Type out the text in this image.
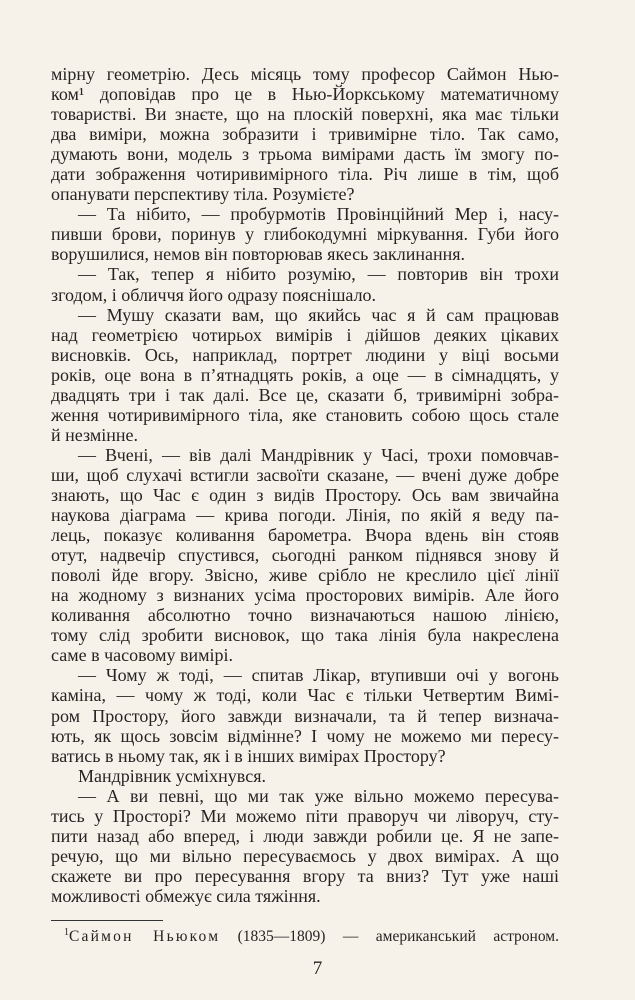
мірну геометрію. Десь місяць тому професор Саймон Нью-
ком¹ доповідав про це в Нью-Йоркському математичному
товаристві. Ви знаєте, що на плоскій поверхні, яка має тільки
два виміри, можна зобразити і тривимірне тіло. Так само,
думають вони, модель з трьома вимірами дасть їм змогу по-
дати зображення чотиривимірного тіла. Річ лише в тім, щоб
опанувати перспективу тіла. Розумієте?
— Та нібито, — пробурмотів Провінційний Мер і, насу-
пивши брови, поринув у глибокодумні міркування. Губи його
ворушилися, немов він повторював якесь заклинання.
— Так, тепер я нібито розумію, — повторив він трохи
згодом, і обличчя його одразу пояснішало.
— Мушу сказати вам, що якийсь час я й сам працював
над геометрією чотирьох вимірів і дійшов деяких цікавих
висновків. Ось, наприклад, портрет людини у віці восьми
років, оце вона в п’ятнадцять років, а оце — в сімнадцять, у
двадцять три і так далі. Все це, сказати б, тривимірні зобра-
ження чотиривимірного тіла, яке становить собою щось стале
й незмінне.
— Вчені, — вів далі Мандрівник у Часі, трохи помовчав-
ши, щоб слухачі встигли засвоїти сказане, — вчені дуже добре
знають, що Час є один з видів Простору. Ось вам звичайна
наукова діаграма — крива погоди. Лінія, по якій я веду па-
лець, показує коливання барометра. Вчора вдень він стояв
отут, надвечір спустився, сьогодні ранком піднявся знову й
поволі йде вгору. Звісно, живе срібло не креслило цієї лінії
на жодному з визнаних усіма просторових вимірів. Але його
коливання абсолютно точно визначаються нашою лінією,
тому слід зробити висновок, що така лінія була накреслена
саме в часовому вимірі.
— Чому ж тоді, — спитав Лікар, втупивши очі у вогонь
каміна, — чому ж тоді, коли Час є тільки Четвертим Вимі-
ром Простору, його завжди визначали, та й тепер визнача-
ють, як щось зовсім відмінне? І чому не можемо ми пересу-
ватись в ньому так, як і в інших вимірах Простору?
Мандрівник усміхнувся.
— А ви певні, що ми так уже вільно можемо пересува-
тись у Просторі? Ми можемо піти праворуч чи ліворуч, сту-
пити назад або вперед, і люди завжди робили це. Я не запе-
речую, що ми вільно пересуваємось у двох вимірах. А що
скажете ви про пересування вгору та вниз? Тут уже наші
можливості обмежує сила тяжіння.
$^1$Саймон Ньюком (1835—1809) — американський астроном.
7
